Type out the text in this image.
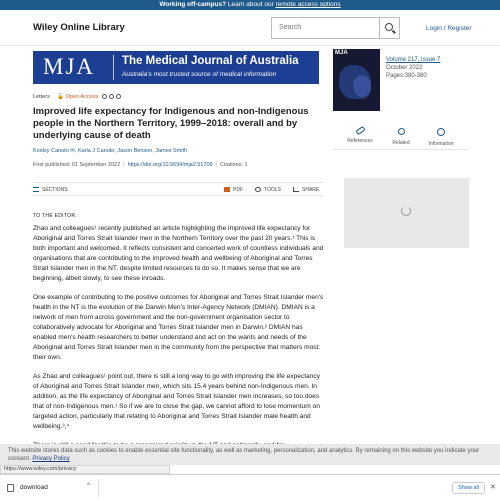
Working off-campus? Learn about our remote access options
Wiley Online Library	Search	Login / Register
MJA The Medical Journal of Australia
Australia's most trusted source of medical information
MJA
Volume 217, Issue 7
October 2022
Pages 380-380
Letters 🔓 Open Access
Improved life expectancy for Indigenous and non-Indigenous people in the Northern Territory, 1999–2018: overall and by underlying cause of death
Koolsy Canuto ✉, Karla J Canuto, Jason Bonson, James Smith
First published: 01 September 2022 | https://doi.org/10.5694/mja2.51709 | Citations: 1
SECTIONS	PDF	TOOLS	SHARE
References	Related	Information
TO THE EDITOR:

Zhao and colleagues¹ recently published an article highlighting the improved life expectancy for Aboriginal and Torres Strait Islander men in the Northern Territory over the past 20 years.¹ This is both important and welcomed. It reflects consistent and concerted work of countless individuals and organisations that are contributing to the improved health and wellbeing of Aboriginal and Torres Strait Islander men in the NT, despite limited resources to do so. It makes sense that we are beginning, albeit slowly, to see these inroads.

One example of contributing to the positive outcomes for Aboriginal and Torres Strait Islander men's health in the NT is the evolution of the Darwin Men's Inter-Agency Network (DMIAN). DMIAN is a network of men from across government and the non-government organisation sector to collaboratively advocate for Aboriginal and Torres Strait Islander men in Darwin.² DMIAN has enabled men's health researchers to better understand and act on the wants and needs of the Aboriginal and Torres Strait Islander men in the community from the perspective that matters most: their own.

As Zhao and colleagues¹ point out, there is still a long way to go with improving the life expectancy of Aboriginal and Torres Strait Islander men, which sits 15.4 years behind non-Indigenous men. In addition, as the life expectancy of Aboriginal and Torres Strait Islander men increases, so too does that of non-Indigenous men.¹ So if we are to close the gap, we cannot afford to lose momentum on targeted action, particularly that relating to Aboriginal and Torres Strait Islander male health and wellbeing.³,⁴

This website stores data such as cookies to enable essential site functionality, as well as marketing, personalization, and analytics. By remaining on this website you indicate your consent. Privacy Policy
https://www.wiley.com/privacy
download	^	Show all	✕
